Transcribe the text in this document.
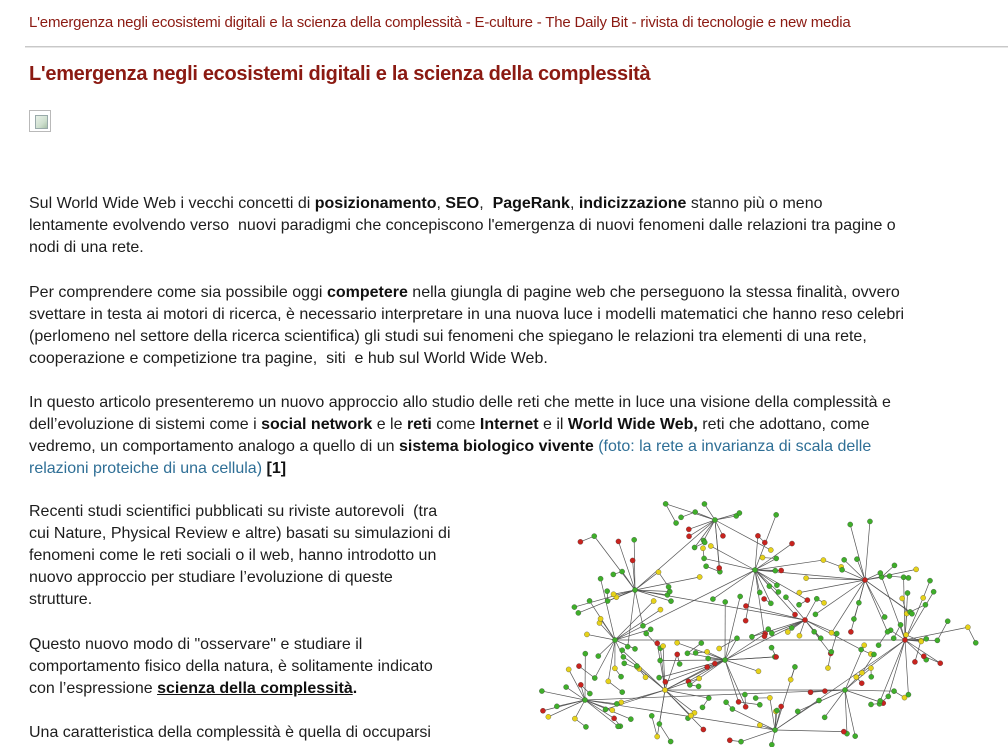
L'emergenza negli ecosistemi digitali e la scienza della complessità - E-culture - The Daily Bit - rivista di tecnologie e new media
L'emergenza negli ecosistemi digitali e la scienza della complessità
Sul World Wide Web i vecchi concetti di posizionamento, SEO,  PageRank, indicizzazione stanno più o meno
lentamente evolvendo verso  nuovi paradigmi che concepiscono l'emergenza di nuovi fenomeni dalle relazioni tra pagine o
nodi di una rete.
Per comprendere come sia possibile oggi competere nella giungla di pagine web che perseguono la stessa finalità, ovvero
svettare in testa ai motori di ricerca, è necessario interpretare in una nuova luce i modelli matematici che hanno reso celebri
(perlomeno nel settore della ricerca scientifica) gli studi sui fenomeni che spiegano le relazioni tra elementi di una rete,
cooperazione e competizione tra pagine,  siti  e hub sul World Wide Web.
In questo articolo presenteremo un nuovo approccio allo studio delle reti che mette in luce una visione della complessità e
dell’evoluzione di sistemi come i social network e le reti come Internet e il World Wide Web, reti che adottano, come
vedremo, un comportamento analogo a quello di un sistema biologico vivente (foto: la rete a invarianza di scala delle
relazioni proteiche di una cellula) [1]
Recenti studi scientifici pubblicati su riviste autorevoli  (tra
cui Nature, Physical Review e altre) basati su simulazioni di
fenomeni come le reti sociali o il web, hanno introdotto un
nuovo approccio per studiare l’evoluzione di queste
strutture.
Questo nuovo modo di "osservare" e studiare il
comportamento fisico della natura, è solitamente indicato
con l’espressione scienza della complessità.
Una caratteristica della complessità è quella di occuparsi
